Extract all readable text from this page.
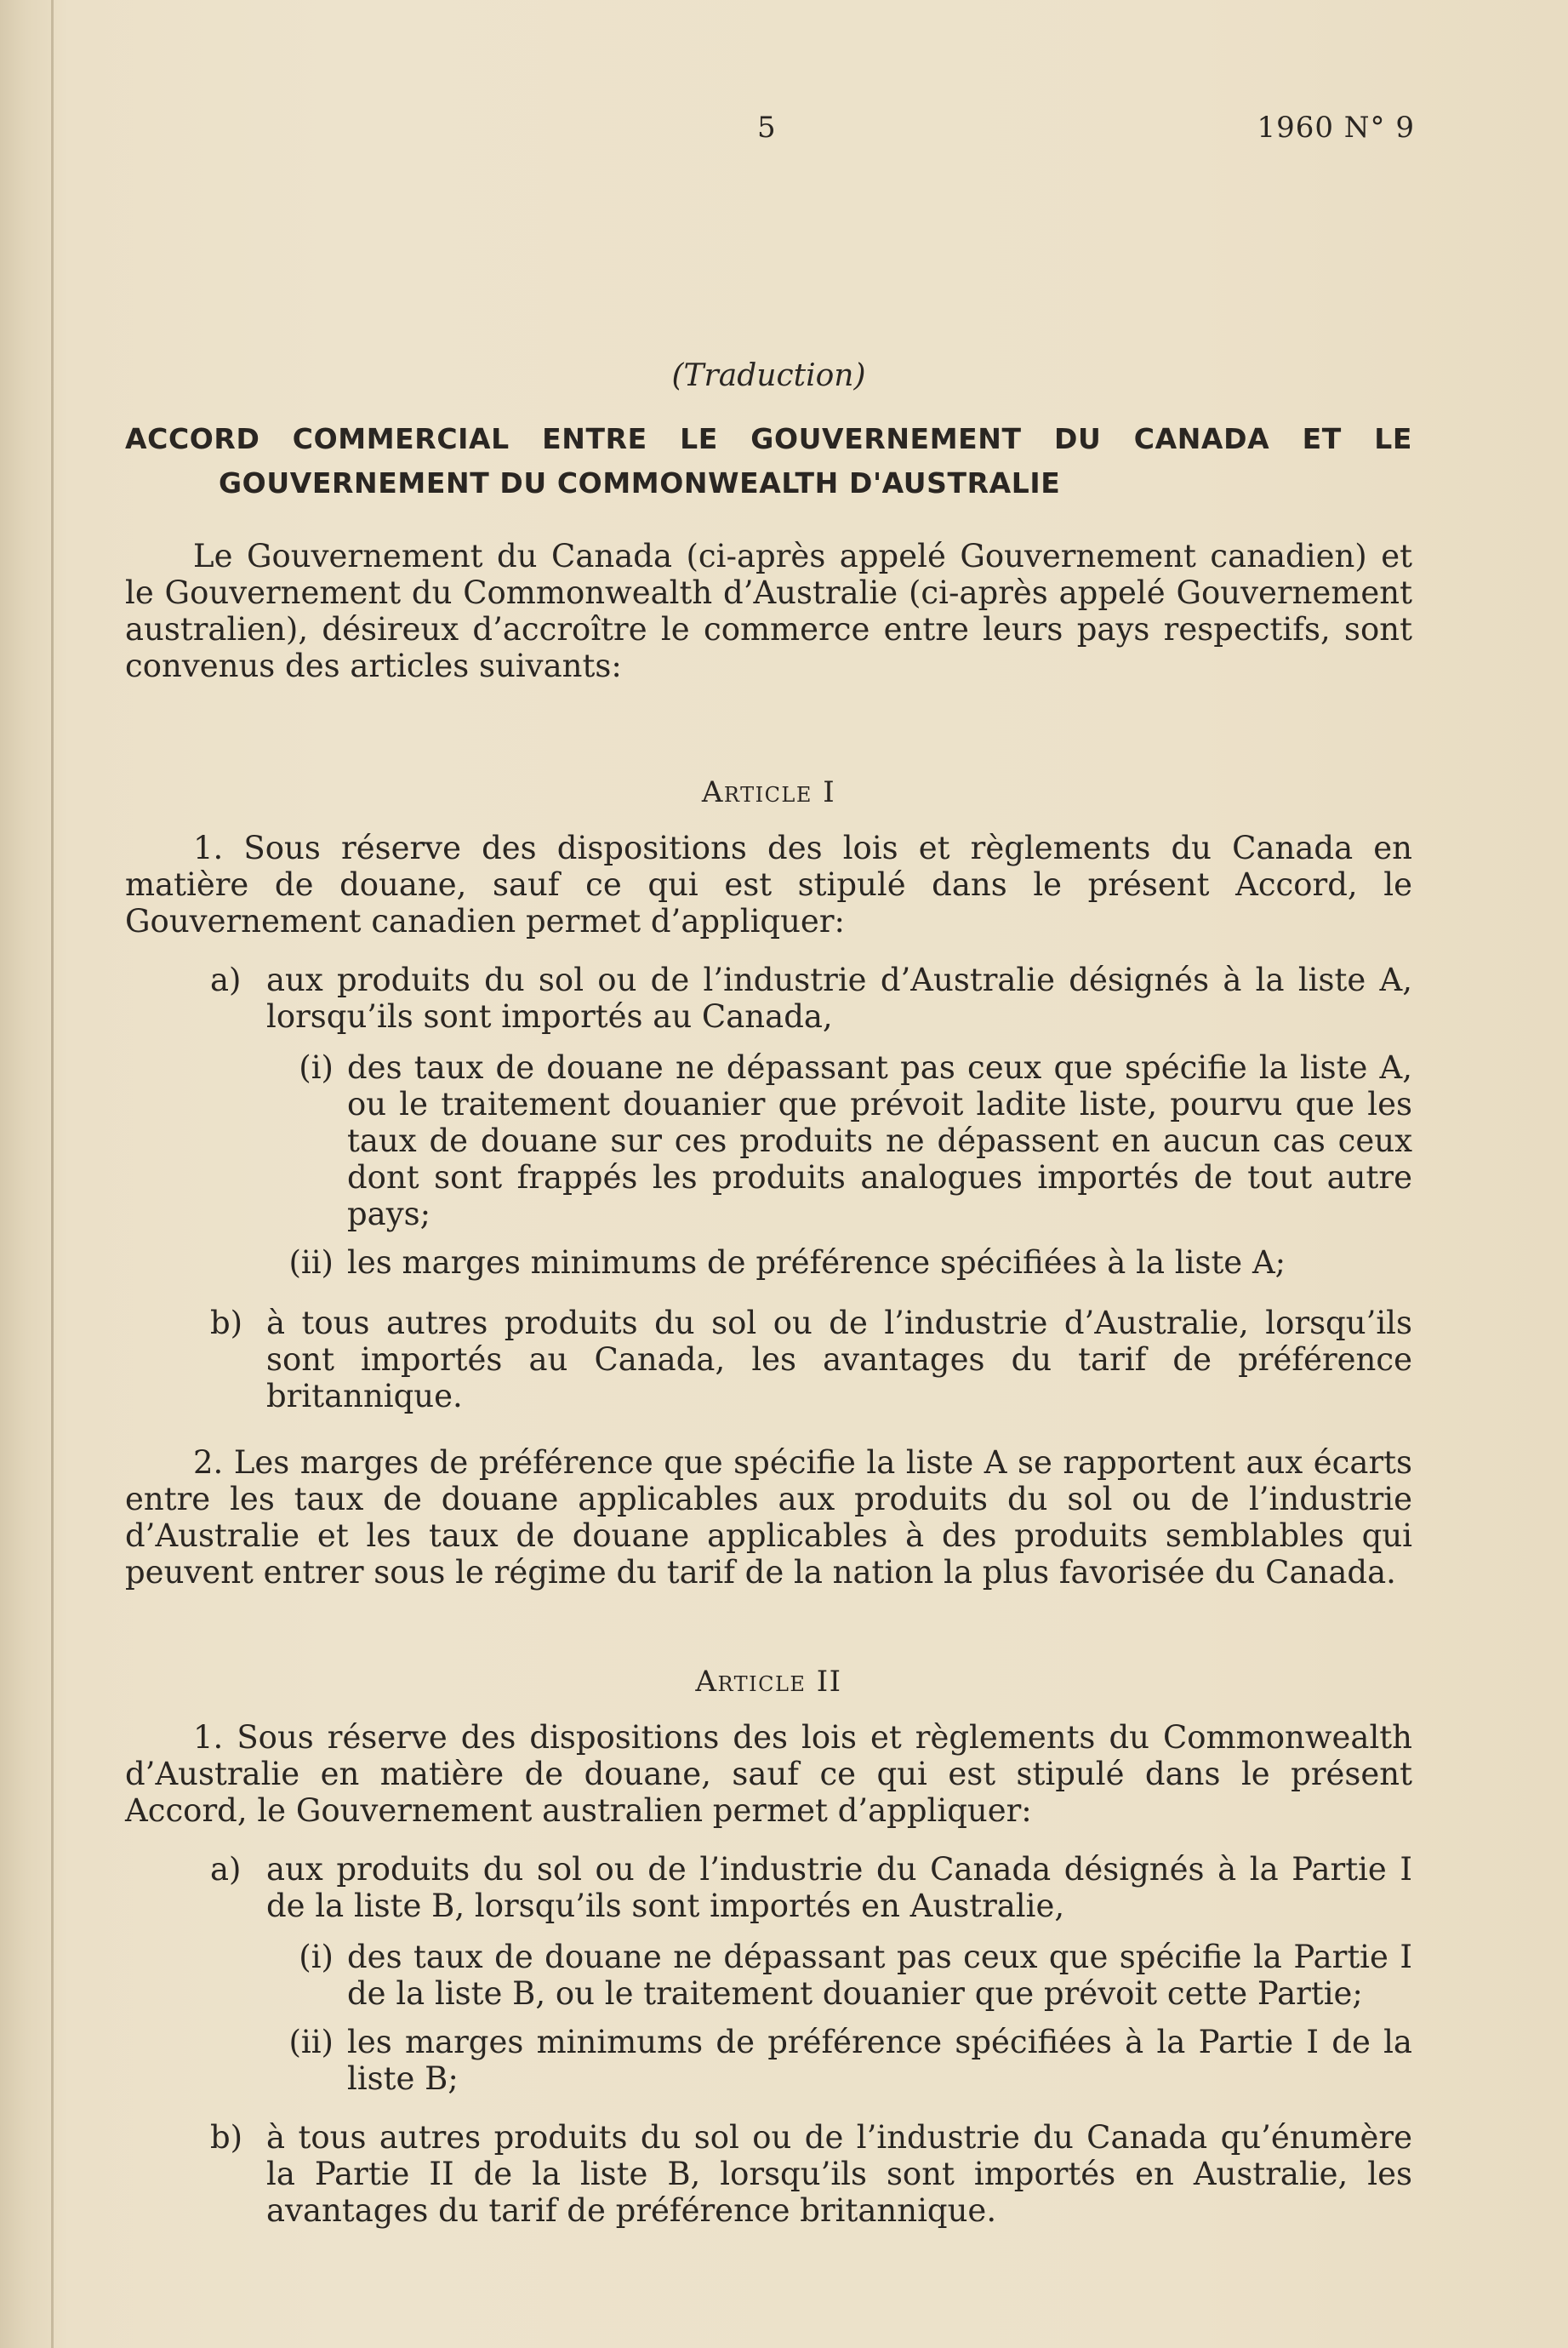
5	1960 N° 9
(Traduction)
ACCORD COMMERCIAL ENTRE LE GOUVERNEMENT DU CANADA ET LE
GOUVERNEMENT DU COMMONWEALTH D'AUSTRALIE

Le Gouvernement du Canada (ci-après appelé Gouvernement canadien) et le Gouvernement du Commonwealth d’Australie (ci-après appelé Gouvernement australien), désireux d’accroître le commerce entre leurs pays respectifs, sont convenus des articles suivants:

Article I

1. Sous réserve des dispositions des lois et règlements du Canada en matière de douane, sauf ce qui est stipulé dans le présent Accord, le Gouvernement canadien permet d’appliquer:

a) aux produits du sol ou de l’industrie d’Australie désignés à la liste A, lorsqu’ils sont importés au Canada,
(i) des taux de douane ne dépassant pas ceux que spécifie la liste A, ou le traitement douanier que prévoit ladite liste, pourvu que les taux de douane sur ces produits ne dépassent en aucun cas ceux dont sont frappés les produits analogues importés de tout autre pays;
(ii) les marges minimums de préférence spécifiées à la liste A;
b) à tous autres produits du sol ou de l’industrie d’Australie, lorsqu’ils sont importés au Canada, les avantages du tarif de préférence britannique.

2. Les marges de préférence que spécifie la liste A se rapportent aux écarts entre les taux de douane applicables aux produits du sol ou de l’industrie d’Australie et les taux de douane applicables à des produits semblables qui peuvent entrer sous le régime du tarif de la nation la plus favorisée du Canada.

Article II

1. Sous réserve des dispositions des lois et règlements du Commonwealth d’Australie en matière de douane, sauf ce qui est stipulé dans le présent Accord, le Gouvernement australien permet d’appliquer:

a) aux produits du sol ou de l’industrie du Canada désignés à la Partie I de la liste B, lorsqu’ils sont importés en Australie,
(i) des taux de douane ne dépassant pas ceux que spécifie la Partie I de la liste B, ou le traitement douanier que prévoit cette Partie;
(ii) les marges minimums de préférence spécifiées à la Partie I de la liste B;
b) à tous autres produits du sol ou de l’industrie du Canada qu’énumère la Partie II de la liste B, lorsqu’ils sont importés en Australie, les avantages du tarif de préférence britannique.
